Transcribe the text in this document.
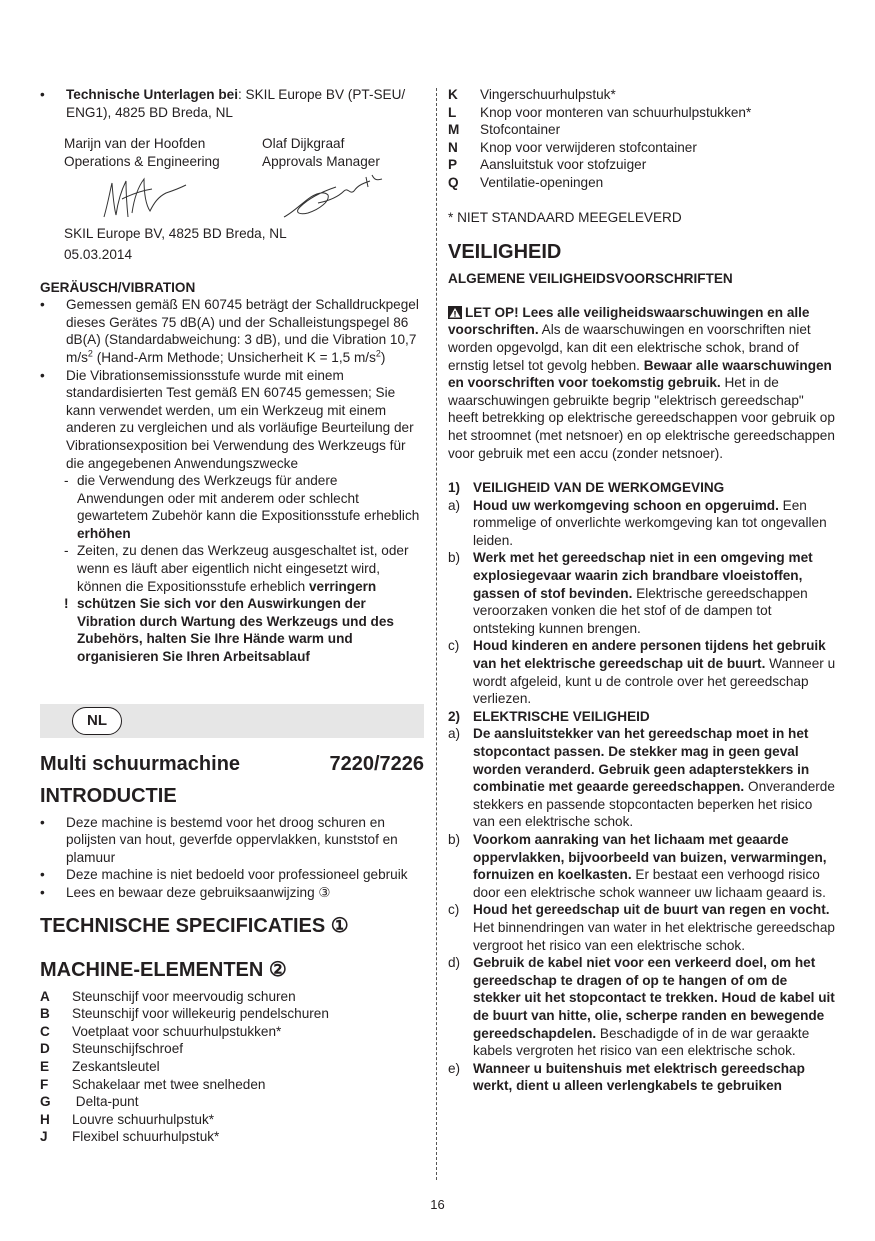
•	Technische Unterlagen bei: SKIL Europe BV (PT-SEU/ ENG1), 4825 BD Breda, NL

Marijn van der Hoofden

Operations & Engineering

Olaf Dijkgraaf

Approvals Manager

SKIL Europe BV, 4825 BD Breda, NL

05.03.2014

GERÄUSCH/VIBRATION
•	Gemessen gemäß EN 60745 beträgt der Schalldruckpegel dieses Gerätes 75 dB(A) und der Schalleistungspegel 86 dB(A) (Standardabweichung: 3 dB), und die Vibration 10,7 $m/s^2$ (Hand-Arm Methode; Unsicherheit K = 1,5 $m/s^2$)
•	Die Vibrationsemissionsstufe wurde mit einem standardisierten Test gemäß EN 60745 gemessen; Sie kann verwendet werden, um ein Werkzeug mit einem anderen zu vergleichen und als vorläufige Beurteilung der Vibrationsexposition bei Verwendung des Werkzeugs für die angegebenen Anwendungszwecke
- die Verwendung des Werkzeugs für andere Anwendungen oder mit anderem oder schlecht gewartetem Zubehör kann die Expositionsstufe erheblich erhöhen
- Zeiten, zu denen das Werkzeug ausgeschaltet ist, oder wenn es läuft aber eigentlich nicht eingesetzt wird, können die Expositionsstufe erheblich verringern
! schützen Sie sich vor den Auswirkungen der Vibration durch Wartung des Werkzeugs und des Zubehörs, halten Sie Ihre Hände warm und organisieren Sie Ihren Arbeitsablauf
NL
Multi schuurmachine	7220/7226
INTRODUCTIE
•	Deze machine is bestemd voor het droog schuren en polijsten van hout, geverfde oppervlakken, kunststof en plamuur
•	Deze machine is niet bedoeld voor professioneel gebruik
•	Lees en bewaar deze gebruiksaanwijzing ③
TECHNISCHE SPECIFICATIES ①
MACHINE-ELEMENTEN ②
A	Steunschijf voor meervoudig schuren
B	Steunschijf voor willekeurig pendelschuren
C	Voetplaat voor schuurhulpstukken*
D	Steunschijfschroef
E	Zeskantsleutel
F	Schakelaar met twee snelheden
G	Delta-punt
H	Louvre schuurhulpstuk*
J	Flexibel schuurhulpstuk*
K	Vingerschuurhulpstuk*
L	Knop voor monteren van schuurhulpstukken*
M	Stofcontainer
N	Knop voor verwijderen stofcontainer
P	Aansluitstuk voor stofzuiger
Q	Ventilatie-openingen

* NIET STANDAARD MEEGELEVERD

VEILIGHEID
ALGEMENE VEILIGHEIDSVOORSCHRIFTEN

LET OP! Lees alle veiligheidswaarschuwingen en alle voorschriften. Als de waarschuwingen en voorschriften niet worden opgevolgd, kan dit een elektrische schok, brand of ernstig letsel tot gevolg hebben. Bewaar alle waarschuwingen en voorschriften voor toekomstig gebruik. Het in de waarschuwingen gebruikte begrip "elektrisch gereedschap" heeft betrekking op elektrische gereedschappen voor gebruik op het stroomnet (met netsnoer) en op elektrische gereedschappen voor gebruik met een accu (zonder netsnoer).

1) VEILIGHEID VAN DE WERKOMGEVING
a) Houd uw werkomgeving schoon en opgeruimd. Een rommelige of onverlichte werkomgeving kan tot ongevallen leiden.
b) Werk met het gereedschap niet in een omgeving met explosiegevaar waarin zich brandbare vloeistoffen, gassen of stof bevinden. Elektrische gereedschappen veroorzaken vonken die het stof of de dampen tot ontsteking kunnen brengen.
c)	Houd kinderen en andere personen tijdens het gebruik van het elektrische gereedschap uit de buurt. Wanneer u wordt afgeleid, kunt u de controle over het gereedschap verliezen.
2) ELEKTRISCHE VEILIGHEID
a) De aansluitstekker van het gereedschap moet in het stopcontact passen. De stekker mag in geen geval worden veranderd. Gebruik geen adapterstekkers in combinatie met geaarde gereedschappen. Onveranderde stekkers en passende stopcontacten beperken het risico van een elektrische schok.
b) Voorkom aanraking van het lichaam met geaarde oppervlakken, bijvoorbeeld van buizen, verwarmingen, fornuizen en koelkasten. Er bestaat een verhoogd risico door een elektrische schok wanneer uw lichaam geaard is.
c)	Houd het gereedschap uit de buurt van regen en vocht. Het binnendringen van water in het elektrische gereedschap vergroot het risico van een elektrische schok.
d) Gebruik de kabel niet voor een verkeerd doel, om het gereedschap te dragen of op te hangen of om de stekker uit het stopcontact te trekken. Houd de kabel uit de buurt van hitte, olie, scherpe randen en bewegende gereedschapdelen. Beschadigde of in de war geraakte kabels vergroten het risico van een elektrische schok.
e) Wanneer u buitenshuis met elektrisch gereedschap werkt, dient u alleen verlengkabels te gebruiken
16
